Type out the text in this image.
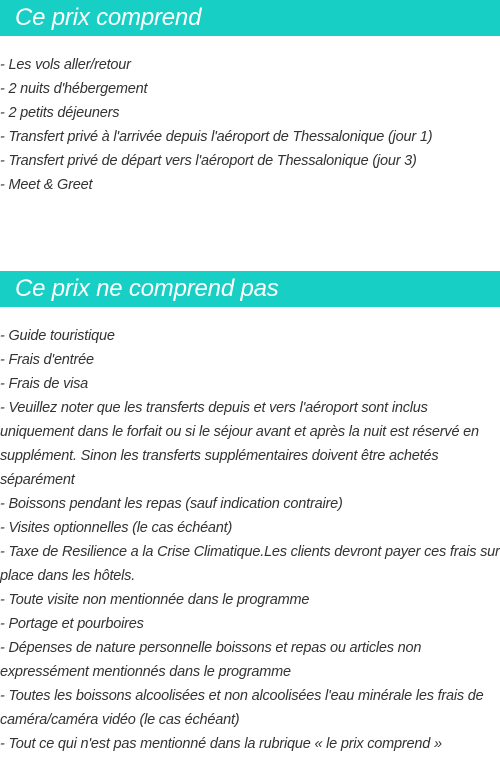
Ce prix comprend
- Les vols aller/retour
- 2 nuits d'hébergement
- 2 petits déjeuners
- Transfert privé à l'arrivée depuis l'aéroport de Thessalonique (jour 1)
- Transfert privé de départ vers l'aéroport de Thessalonique (jour 3)
- Meet & Greet
Ce prix ne comprend pas
- Guide touristique
- Frais d'entrée
- Frais de visa
- Veuillez noter que les transferts depuis et vers l'aéroport sont inclus uniquement dans le forfait ou si le séjour avant et après la nuit est réservé en supplément. Sinon les transferts supplémentaires doivent être achetés séparément
- Boissons pendant les repas (sauf indication contraire)
- Visites optionnelles (le cas échéant)
- Taxe de Resilience a la Crise Climatique.Les clients devront payer ces frais sur place dans les hôtels.
- Toute visite non mentionnée dans le programme
- Portage et pourboires
- Dépenses de nature personnelle boissons et repas ou articles non expressément mentionnés dans le programme
- Toutes les boissons alcoolisées et non alcoolisées l'eau minérale les frais de caméra/caméra vidéo (le cas échéant)
- Tout ce qui n'est pas mentionné dans la rubrique « le prix comprend »
